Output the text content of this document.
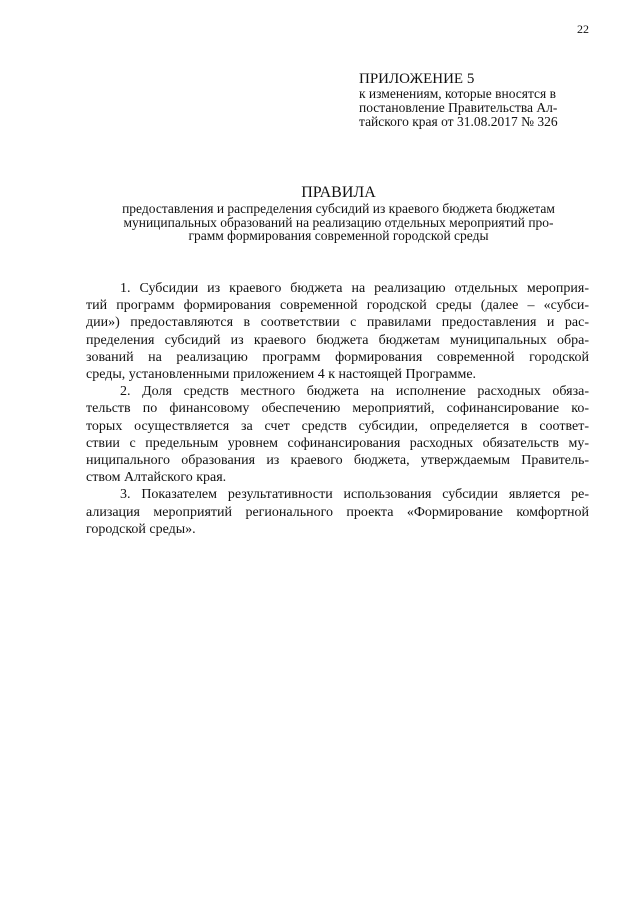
22

ПРИЛОЖЕНИЕ 5

к изменениям, которые вносятся в

постановление Правительства Ал-

тайского края от 31.08.2017 № 326

ПРАВИЛА

предоставления и распределения субсидий из краевого бюджета бюджетам

муниципальных образований на реализацию отдельных мероприятий про-

грамм формирования современной городской среды

1. Субсидии из краевого бюджета на реализацию отдельных мероприя-

тий программ формирования современной городской среды (далее – «субси-

дии») предоставляются в соответствии с правилами предоставления и рас-

пределения субсидий из краевого бюджета бюджетам муниципальных обра-

зований на реализацию программ формирования современной городской

среды, установленными приложением 4 к настоящей Программе.

2. Доля средств местного бюджета на исполнение расходных обяза-

тельств по финансовому обеспечению мероприятий, софинансирование ко-

торых осуществляется за счет средств субсидии, определяется в соответ-

ствии с предельным уровнем софинансирования расходных обязательств му-

ниципального образования из краевого бюджета, утверждаемым Правитель-

ством Алтайского края.

3. Показателем результативности использования субсидии является ре-

ализация мероприятий регионального проекта «Формирование комфортной

городской среды».
